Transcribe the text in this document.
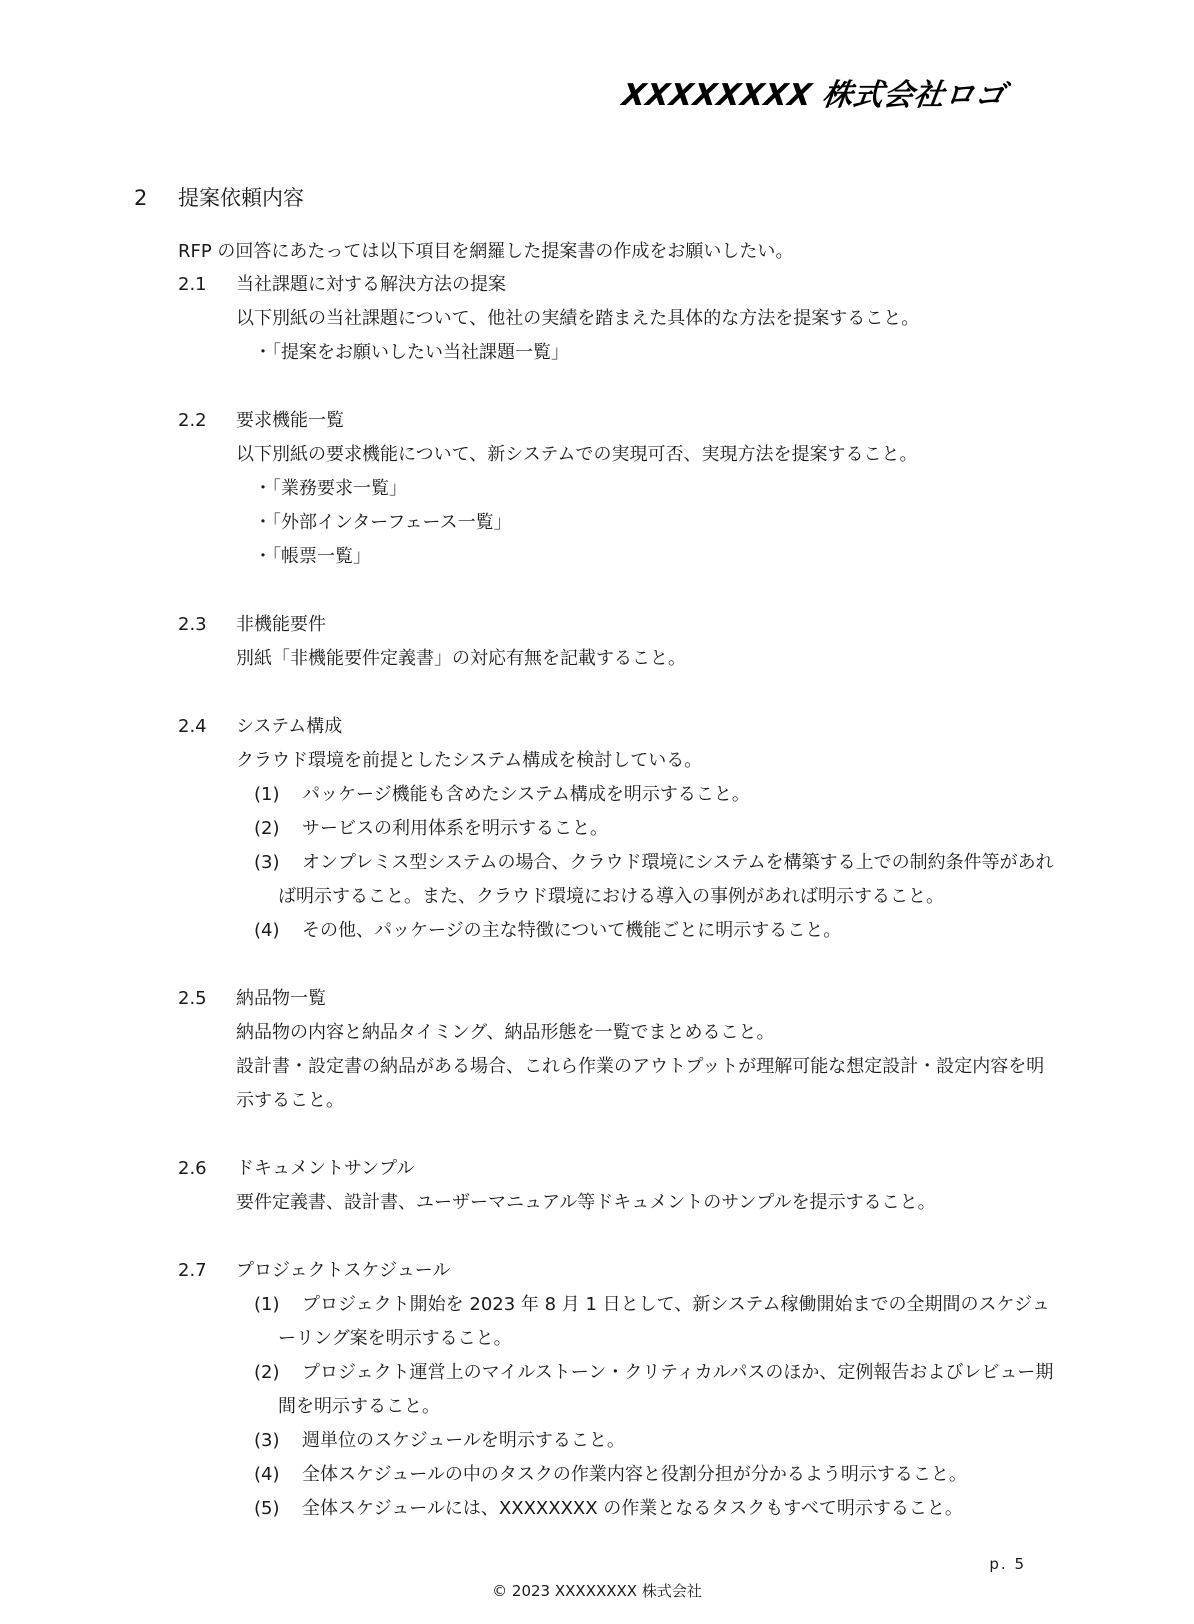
XXXXXXXX 株式会社ロゴ
2 提案依頼内容
RFP の回答にあたっては以下項目を網羅した提案書の作成をお願いしたい。
2.1	当社課題に対する解決方法の提案
以下別紙の当社課題について、他社の実績を踏まえた具体的な方法を提案すること。
・「提案をお願いしたい当社課題一覧」
2.2	要求機能一覧
以下別紙の要求機能について、新システムでの実現可否、実現方法を提案すること。
・「業務要求一覧」
・「外部インターフェース一覧」
・「帳票一覧」
2.3	非機能要件
別紙「非機能要件定義書」の対応有無を記載すること。
2.4	システム構成
クラウド環境を前提としたシステム構成を検討している。
(1)	パッケージ機能も含めたシステム構成を明示すること。
(2)	サービスの利用体系を明示すること。
(3) オンプレミス型システムの場合、クラウド環境にシステムを構築する上での制約条件等があれば明示すること。また、クラウド環境における導入の事例があれば明示すること。
(4)	その他、パッケージの主な特徴について機能ごとに明示すること。
2.5	納品物一覧
納品物の内容と納品タイミング、納品形態を一覧でまとめること。
設計書・設定書の納品がある場合、これら作業のアウトプットが理解可能な想定設計・設定内容を明示すること。
2.6	ドキュメントサンプル
要件定義書、設計書、ユーザーマニュアル等ドキュメントのサンプルを提示すること。
2.7	プロジェクトスケジュール
(1) プロジェクト開始を 2023 年 8 月 1 日として、新システム稼働開始までの全期間のスケジューリング案を明示すること。
(2) プロジェクト運営上のマイルストーン・クリティカルパスのほか、定例報告およびレビュー期間を明示すること。
(3)	週単位のスケジュールを明示すること。
(4)	全体スケジュールの中のタスクの作業内容と役割分担が分かるよう明示すること。
(5)	全体スケジュールには、XXXXXXXX の作業となるタスクもすべて明示すること。
p. 5
© 2023 XXXXXXXX 株式会社
